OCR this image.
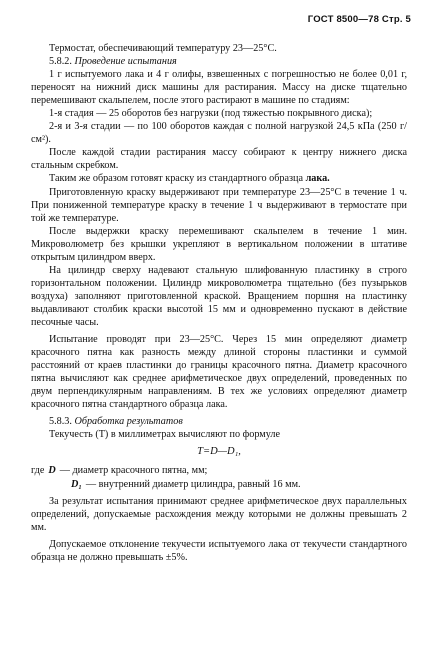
ГОСТ 8500—78 Стр. 5

Термостат, обеспечивающий температуру 23—25°С.

5.8.2. Проведение испытания

1 г испытуемого лака и 4 г олифы, взвешенных с погрешностью не более 0,01 г, переносят на нижний диск машины для растирания. Массу на диске тщательно перемешивают скальпелем, после этого растирают в машине по стадиям:

1-я стадия — 25 оборотов без нагрузки (под тяжестью покрывного диска);

2-я и 3-я стадии — по 100 оборотов каждая с полной нагрузкой 24,5 кПа (250 г/см²).

После каждой стадии растирания массу собирают к центру нижнего диска стальным скребком.

Таким же образом готовят краску из стандартного образца лака.

Приготовленную краску выдерживают при температуре 23—25°С в течение 1 ч. При пониженной температуре краску в течение 1 ч выдерживают в термостате при той же температуре.

После выдержки краску перемешивают скальпелем в течение 1 мин. Микроволюметр без крышки укрепляют в вертикальном положении в штативе открытым цилиндром вверх.

На цилиндр сверху надевают стальную шлифованную пластинку в строго горизонтальном положении. Цилиндр микроволюметра тщательно (без пузырьков воздуха) заполняют приготовленной краской. Вращением поршня на пластинку выдавливают столбик краски высотой 15 мм и одновременно пускают в действие песочные часы.

Испытание проводят при 23—25°С. Через 15 мин определяют диаметр красочного пятна как разность между длиной стороны пластинки и суммой расстояний от краев пластинки до границы красочного пятна. Диаметр красочного пятна вычисляют как среднее арифметическое двух определений, проведенных по двум перпендикулярным направлениям. В тех же условиях определяют диаметр красочного пятна стандартного образца лака.

5.8.3. Обработка результатов

Текучесть (T) в миллиметрах вычисляют по формуле

T=D—D₁,

где D — диаметр красочного пятна, мм;
D₁ — внутренний диаметр цилиндра, равный 16 мм.

За результат испытания принимают среднее арифметическое двух параллельных определений, допускаемые расхождения между которыми не должны превышать 2 мм.

Допускаемое отклонение текучести испытуемого лака от текучести стандартного образца не должно превышать ±5%.
